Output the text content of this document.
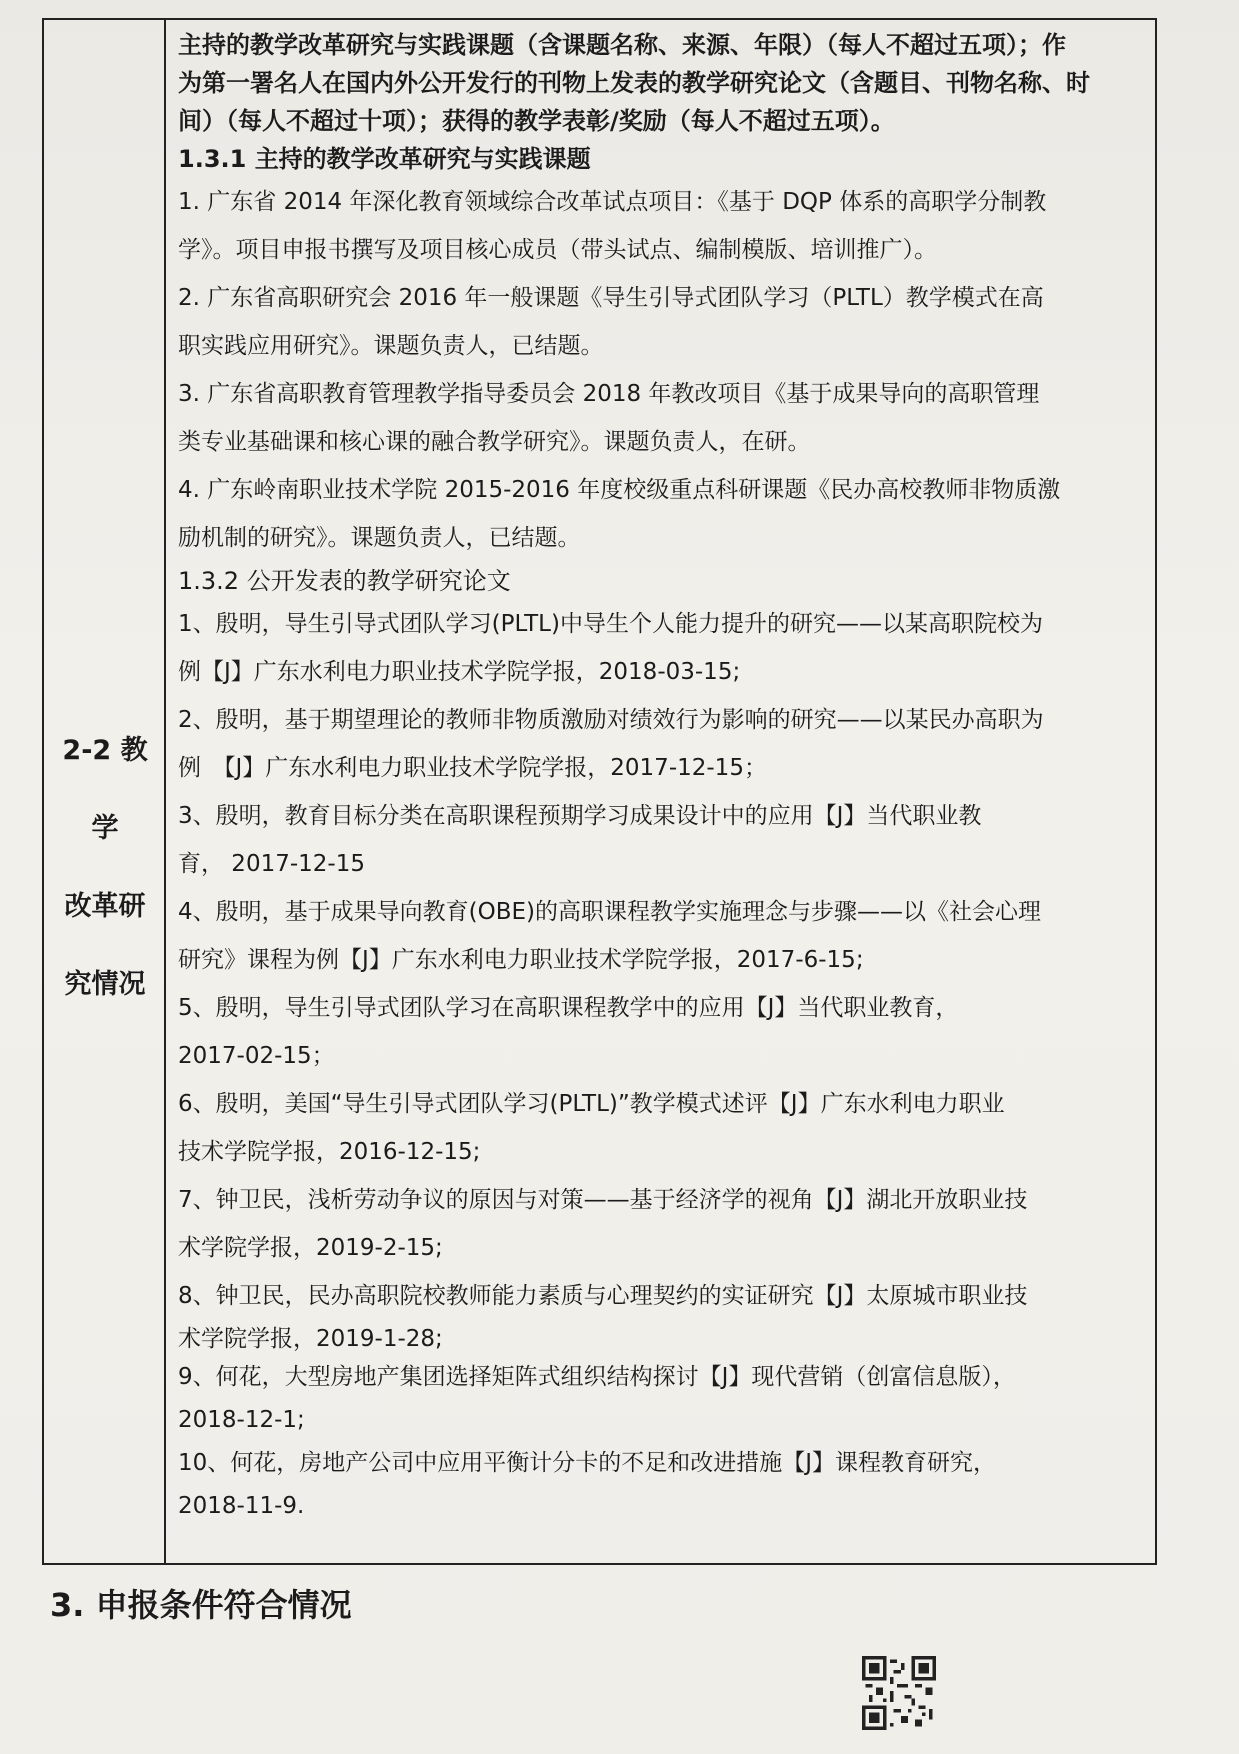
2-2 教学
改革研
究情况

主持的教学改革研究与实践课题（含课题名称、来源、年限）（每人不超过五项）；作

为第一署名人在国内外公开发行的刊物上发表的教学研究论文（含题目、刊物名称、时

间）（每人不超过十项）；获得的教学表彰/奖励（每人不超过五项）。

1.3.1 主持的教学改革研究与实践课题

1. 广东省 2014 年深化教育领域综合改革试点项目：《基于 DQP 体系的高职学分制教

学》。项目申报书撰写及项目核心成员（带头试点、编制模版、培训推广）。

2. 广东省高职研究会 2016 年一般课题《导生引导式团队学习（PLTL）教学模式在高

职实践应用研究》。课题负责人，已结题。

3. 广东省高职教育管理教学指导委员会 2018 年教改项目《基于成果导向的高职管理

类专业基础课和核心课的融合教学研究》。课题负责人，在研。

4. 广东岭南职业技术学院 2015-2016 年度校级重点科研课题《民办高校教师非物质激

励机制的研究》。课题负责人，已结题。

1.3.2 公开发表的教学研究论文

1、殷明，导生引导式团队学习(PLTL)中导生个人能力提升的研究——以某高职院校为

例【J】广东水利电力职业技术学院学报，2018-03-15;

2、殷明，基于期望理论的教师非物质激励对绩效行为影响的研究——以某民办高职为

例　【J】广东水利电力职业技术学院学报，2017-12-15；

3、殷明，教育目标分类在高职课程预期学习成果设计中的应用【J】当代职业教

育， 2017-12-15

4、殷明，基于成果导向教育(OBE)的高职课程教学实施理念与步骤——以《社会心理

研究》课程为例【J】广东水利电力职业技术学院学报，2017-6-15;

5、殷明，导生引导式团队学习在高职课程教学中的应用【J】当代职业教育，

2017-02-15；

6、殷明，美国“导生引导式团队学习(PLTL)”教学模式述评【J】广东水利电力职业

技术学院学报，2016-12-15;

7、钟卫民，浅析劳动争议的原因与对策——基于经济学的视角【J】湖北开放职业技

术学院学报，2019-2-15;

8、钟卫民，民办高职院校教师能力素质与心理契约的实证研究【J】太原城市职业技

术学院学报，2019-1-28;

9、何花，大型房地产集团选择矩阵式组织结构探讨【J】现代营销（创富信息版），

2018-12-1;

10、何花，房地产公司中应用平衡计分卡的不足和改进措施【J】课程教育研究，

2018-11-9.

3. 申报条件符合情况
